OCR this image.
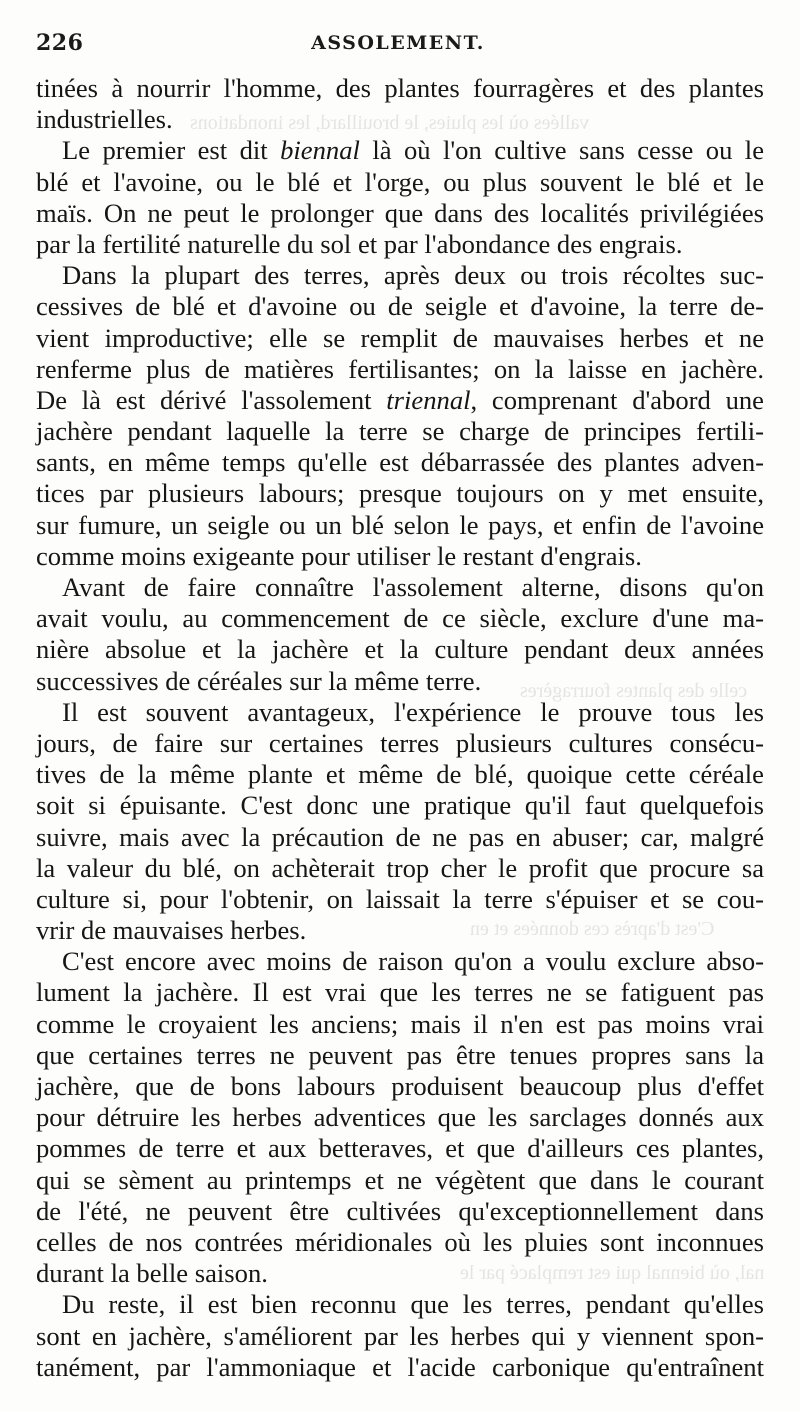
vallées où les pluies, le brouillard, les inondations
celle des plantes fourragères
C'est d'après ces données et en
nal, où biennal qui est remplacé par le
226	ASSOLEMENT.
tinées à nourrir l'homme, des plantes fourragères et des plantes
industrielles.
Le premier est dit biennal là où l'on cultive sans cesse ou le
blé et l'avoine, ou le blé et l'orge, ou plus souvent le blé et le
maïs. On ne peut le prolonger que dans des localités privilégiées
par la fertilité naturelle du sol et par l'abondance des engrais.
Dans la plupart des terres, après deux ou trois récoltes suc-
cessives de blé et d'avoine ou de seigle et d'avoine, la terre de-
vient improductive; elle se remplit de mauvaises herbes et ne
renferme plus de matières fertilisantes; on la laisse en jachère.
De là est dérivé l'assolement triennal, comprenant d'abord une
jachère pendant laquelle la terre se charge de principes fertili-
sants, en même temps qu'elle est débarrassée des plantes adven-
tices par plusieurs labours; presque toujours on y met ensuite,
sur fumure, un seigle ou un blé selon le pays, et enfin de l'avoine
comme moins exigeante pour utiliser le restant d'engrais.
Avant de faire connaître l'assolement alterne, disons qu'on
avait voulu, au commencement de ce siècle, exclure d'une ma-
nière absolue et la jachère et la culture pendant deux années
successives de céréales sur la même terre.
Il est souvent avantageux, l'expérience le prouve tous les
jours, de faire sur certaines terres plusieurs cultures consécu-
tives de la même plante et même de blé, quoique cette céréale
soit si épuisante. C'est donc une pratique qu'il faut quelquefois
suivre, mais avec la précaution de ne pas en abuser; car, malgré
la valeur du blé, on achèterait trop cher le profit que procure sa
culture si, pour l'obtenir, on laissait la terre s'épuiser et se cou-
vrir de mauvaises herbes.
C'est encore avec moins de raison qu'on a voulu exclure abso-
lument la jachère. Il est vrai que les terres ne se fatiguent pas
comme le croyaient les anciens; mais il n'en est pas moins vrai
que certaines terres ne peuvent pas être tenues propres sans la
jachère, que de bons labours produisent beaucoup plus d'effet
pour détruire les herbes adventices que les sarclages donnés aux
pommes de terre et aux betteraves, et que d'ailleurs ces plantes,
qui se sèment au printemps et ne végètent que dans le courant
de l'été, ne peuvent être cultivées qu'exceptionnellement dans
celles de nos contrées méridionales où les pluies sont inconnues
durant la belle saison.
Du reste, il est bien reconnu que les terres, pendant qu'elles
sont en jachère, s'améliorent par les herbes qui y viennent spon-
tanément, par l'ammoniaque et l'acide carbonique qu'entraînent
